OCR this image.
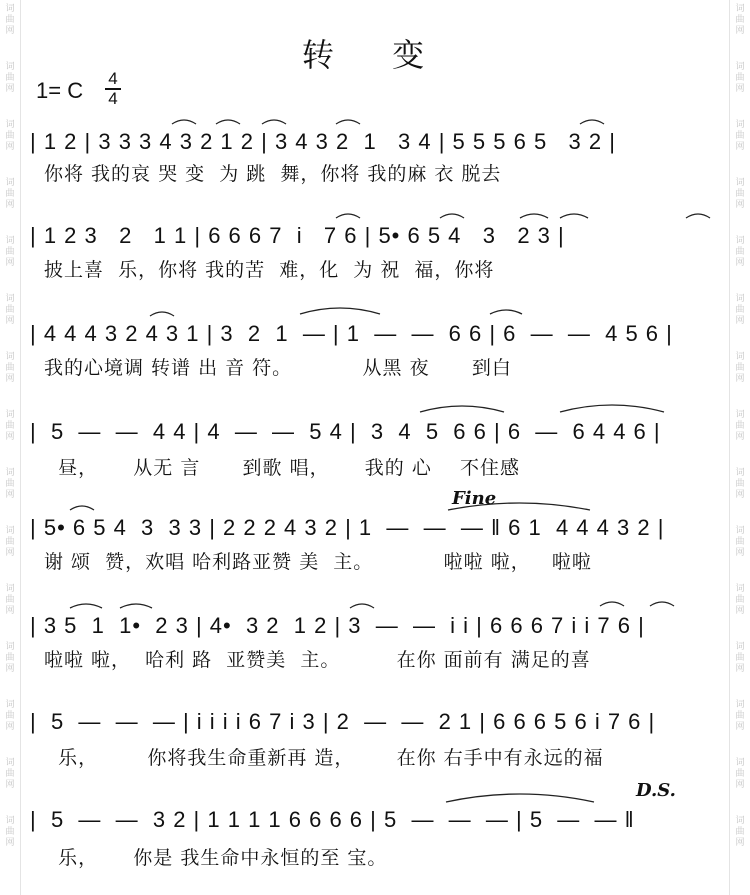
词
曲
网
词
曲
网
词
曲
网
词
曲
网
词
曲
网
词
曲
网
词
曲
网
词
曲
网
词
曲
网
词
曲
网
词
曲
网
词
曲
网
词
曲
网
词
曲
网
词
曲
网
词
曲
网
词
曲
网
词
曲
网
词
曲
网
词
曲
网
词
曲
网
词
曲
网
词
曲
网
词
曲
网
词
曲
网
词
曲
网
词
曲
网
词
曲
网
词
曲
网
词
曲
网
转 变
1= C 4
4
| 1 2 | 3 3 3 4 3 2 1 2 | 3 4 3 2  1   3 4 | 5 5 5 6 5   3 2 |
你将 我的哀 哭 变  为 跳  舞，你将 我的麻 衣 脱去
| 1 2 3   2   1 1 | 6 6 6 7  i   7 6 | 5• 6 5 4   3   2 3 |
披上喜  乐，你将 我的苦  难，化  为 祝  福，你将
| 4 4 4 3 2 4 3 1 | 3  2  1  — | 1  —  —  6 6 | 6  —  —  4 5 6 |
我的心境调 转谱 出 音 符。          从黑 夜      到白
|  5  —  —  4 4 | 4  —  —  5 4 |  3  4  5  6 6 | 6  —  6 4 4 6 |
昼，     从无 言      到歌 唱，     我的 心    不住感
Fine
| 5• 6 5 4  3  3 3 | 2 2 2 4 3 2 | 1  —  —  — ‖ 6 1  4 4 4 3 2 |
谢 颂  赞，欢唱 哈利路亚赞 美  主。          啦啦 啦，   啦啦
| 3 5  1  1•  2 3 | 4•  3 2  1 2 | 3  —  —  i i | 6 6 6 7 i i 7 6 |
啦啦 啦，  哈利 路  亚赞美  主。        在你 面前有 满足的喜
|  5  —  —  — | i i i i 6 7 i 3 | 2  —  —  2 1 | 6 6 6 5 6 i 7 6 |
乐，       你将我生命重新再 造，      在你 右手中有永远的福
D.S.
|  5  —  —  3 2 | 1 1 1 1 6 6 6 6 | 5  —  —  — | 5  —  — ‖
乐，     你是 我生命中永恒的至 宝。
